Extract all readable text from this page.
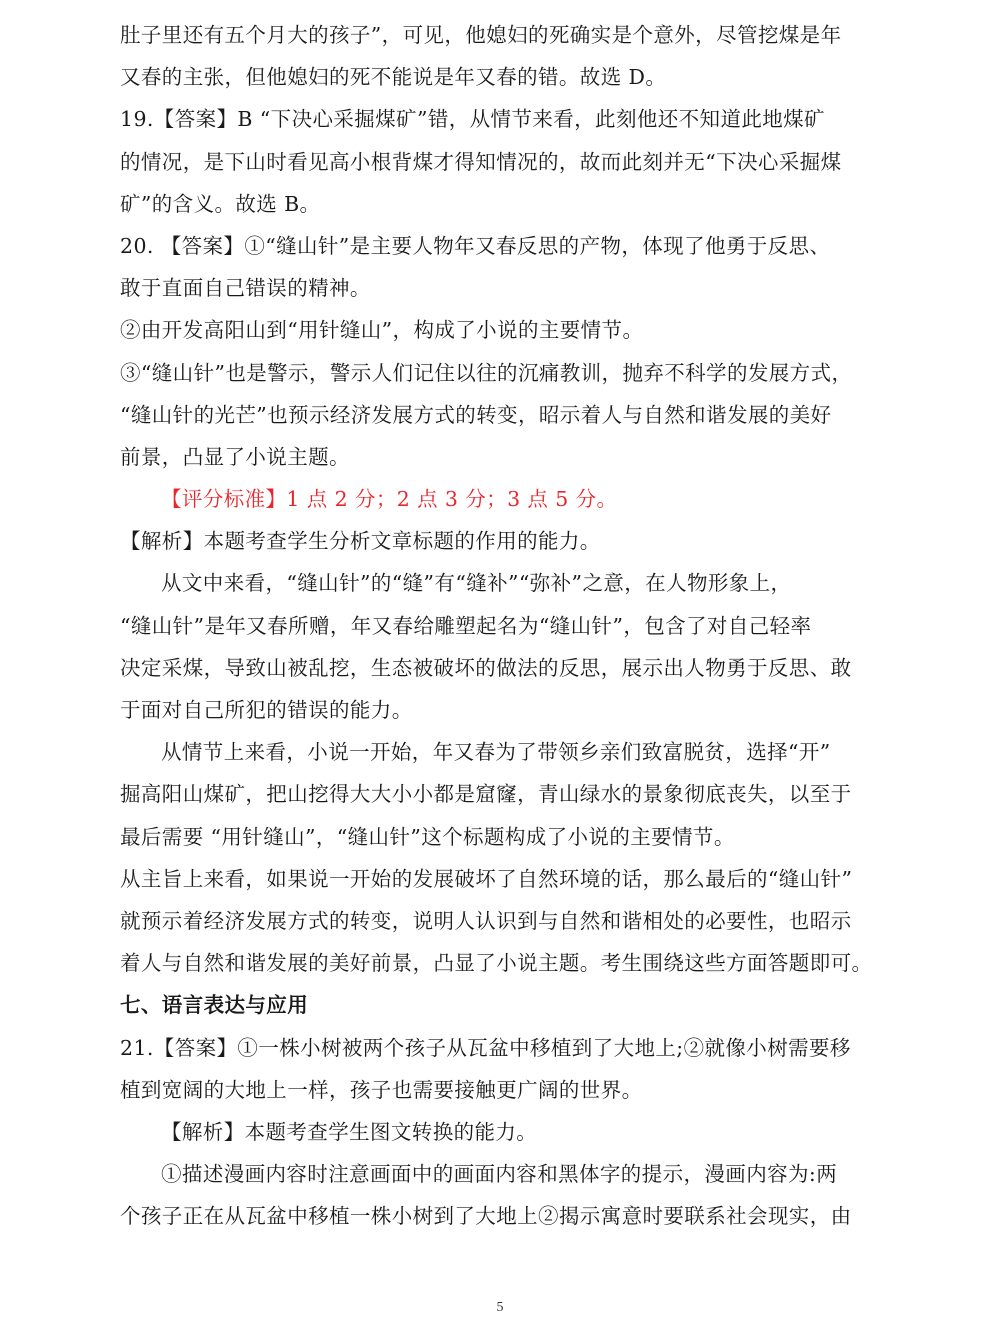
肚子里还有五个月大的孩子”，可见，他媳妇的死确实是个意外，尽管挖煤是年
又春的主张，但他媳妇的死不能说是年又春的错。故选 D。
19.【答案】B “下决心采掘煤矿”错，从情节来看，此刻他还不知道此地煤矿
的情况，是下山时看见高小根背煤才得知情况的，故而此刻并无“下决心采掘煤
矿”的含义。故选 B。
20. 【答案】①“缝山针”是主要人物年又春反思的产物，体现了他勇于反思、
敢于直面自己错误的精神。
②由开发高阳山到“用针缝山”，构成了小说的主要情节。
③“缝山针”也是警示，警示人们记住以往的沉痛教训，抛弃不科学的发展方式，
“缝山针的光芒”也预示经济发展方式的转变，昭示着人与自然和谐发展的美好
前景，凸显了小说主题。
【评分标准】1 点 2 分；2 点 3 分；3 点 5 分。
【解析】本题考查学生分析文章标题的作用的能力。
从文中来看，“缝山针”的“缝”有“缝补”“弥补”之意，在人物形象上，
“缝山针”是年又春所赠，年又春给雕塑起名为“缝山针”，包含了对自己轻率
决定采煤，导致山被乱挖，生态被破坏的做法的反思，展示出人物勇于反思、敢
于面对自己所犯的错误的能力。
从情节上来看，小说一开始，年又春为了带领乡亲们致富脱贫，选择“开”
掘高阳山煤矿，把山挖得大大小小都是窟窿，青山绿水的景象彻底丧失，以至于
最后需要 “用针缝山”，“缝山针”这个标题构成了小说的主要情节。
从主旨上来看，如果说一开始的发展破坏了自然环境的话，那么最后的“缝山针”
就预示着经济发展方式的转变，说明人认识到与自然和谐相处的必要性，也昭示
着人与自然和谐发展的美好前景，凸显了小说主题。考生围绕这些方面答题即可。
七、语言表达与应用
21.【答案】①一株小树被两个孩子从瓦盆中移植到了大地上;②就像小树需要移
植到宽阔的大地上一样，孩子也需要接触更广阔的世界。
【解析】本题考查学生图文转换的能力。
①描述漫画内容时注意画面中的画面内容和黑体字的提示，漫画内容为:两
个孩子正在从瓦盆中移植一株小树到了大地上②揭示寓意时要联系社会现实，由
5
